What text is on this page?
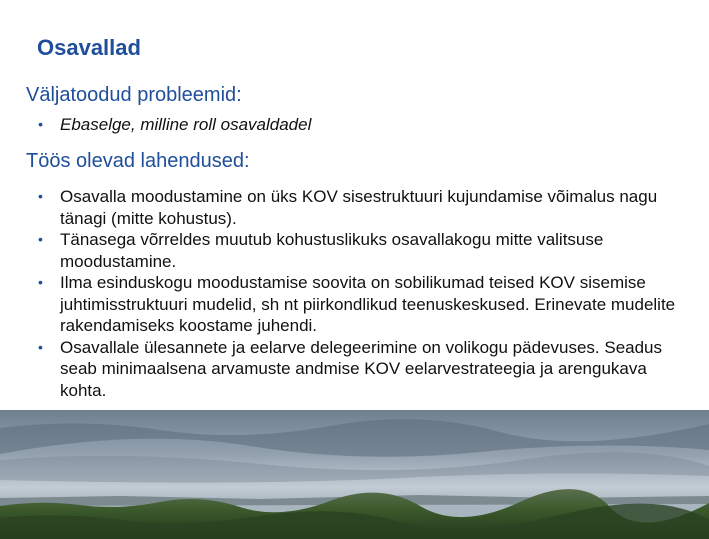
Osavallad
Väljatoodud probleemid:
• Ebaselge, milline roll osavaldadel
Töös olevad lahendused:
• Osavalla moodustamine on üks KOV sisestruktuuri kujundamise võimalus nagu tänagi (mitte kohustus).
• Tänasega võrreldes muutub kohustuslikuks osavallakogu mitte valitsuse moodustamine.
• Ilma esinduskogu moodustamise soovita on sobilikumad teised KOV sisemise juhtimisstruktuuri mudelid, sh nt piirkondlikud teenuskeskused. Erinevate mudelite rakendamiseks koostame juhendi.
• Osavallale ülesannete ja eelarve delegeerimine on volikogu pädevuses. Seadus seab minimaalsena arvamuste andmise KOV eelarvestrateegia ja arengukava kohta.
